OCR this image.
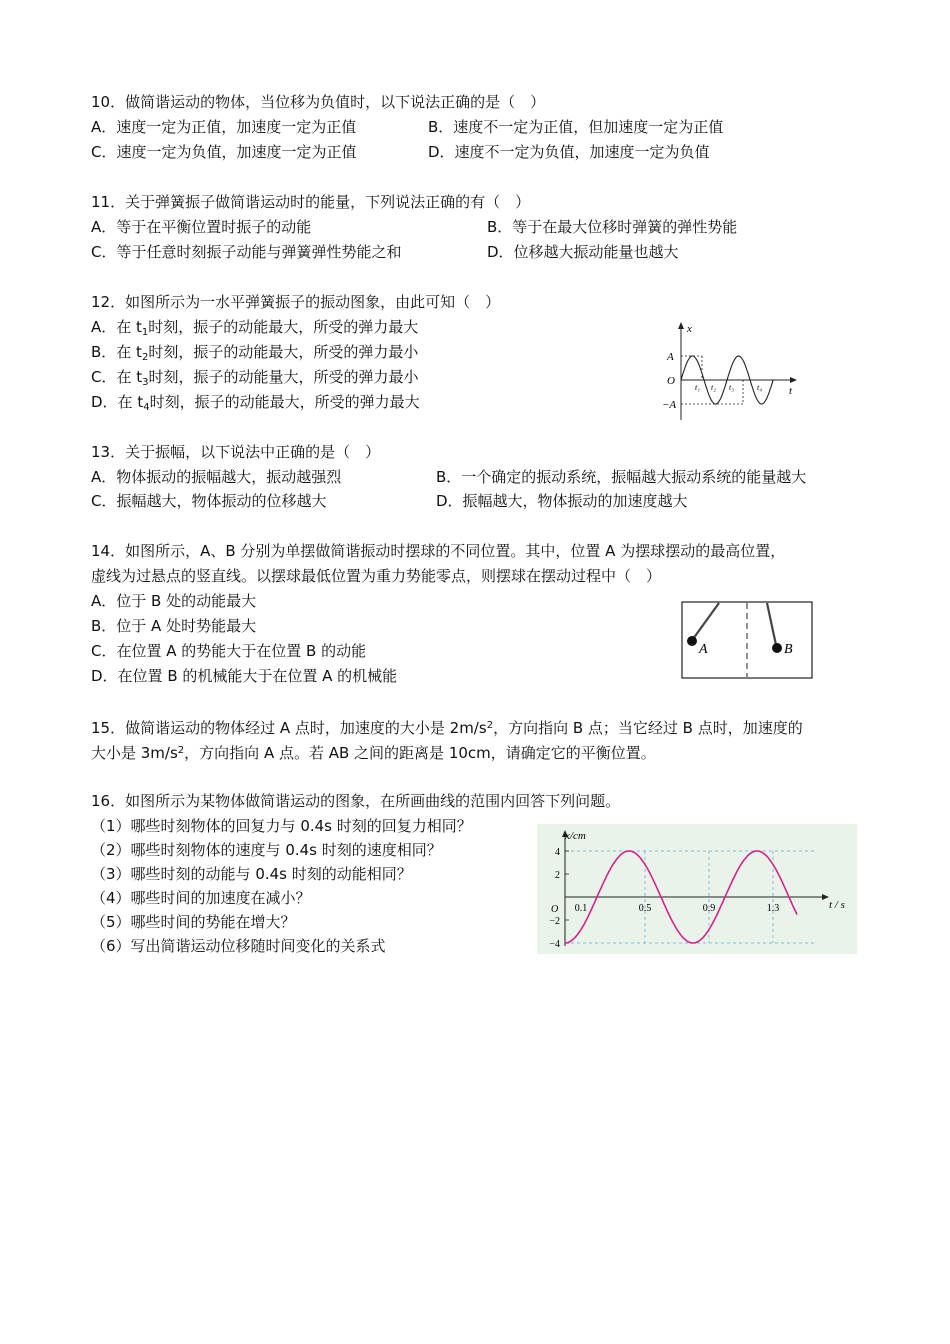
10．做简谐运动的物体，当位移为负值时，以下说法正确的是（　）
A．速度一定为正值，加速度一定为正值	B．速度不一定为正值，但加速度一定为正值
C．速度一定为负值，加速度一定为正值	D．速度不一定为负值，加速度一定为负值
11．关于弹簧振子做简谐运动时的能量，下列说法正确的有（　）
A．等于在平衡位置时振子的动能	B．等于在最大位移时弹簧的弹性势能
C．等于任意时刻振子动能与弹簧弹性势能之和	D．位移越大振动能量也越大
12．如图所示为一水平弹簧振子的振动图象，由此可知（　）
A．在 $t_1$时刻，振子的动能最大，所受的弹力最大
B．在 $t_2$时刻，振子的动能最大，所受的弹力最小
C．在 $t_3$时刻，振子的动能量大，所受的弹力最小
D．在 $t_4$时刻，振子的动能最大，所受的弹力最大
x
t
A
O
−A
t₁ t₂ t₃	t₄
13．关于振幅，以下说法中正确的是（　）
A．物体振动的振幅越大，振动越强烈	B．一个确定的振动系统，振幅越大振动系统的能量越大
C．振幅越大，物体振动的位移越大	D．振幅越大，物体振动的加速度越大
14．如图所示，A、B 分别为单摆做简谐振动时摆球的不同位置。其中，位置 A 为摆球摆动的最高位置，
虚线为过悬点的竖直线。以摆球最低位置为重力势能零点，则摆球在摆动过程中（　）
A．位于 B 处的动能最大
B．位于 A 处时势能最大
C．在位置 A 的势能大于在位置 B 的动能
D．在位置 B 的机械能大于在位置 A 的机械能
A	B
15．做简谐运动的物体经过 A 点时，加速度的大小是 $2m/s^2$，方向指向 B 点；当它经过 B 点时，加速度的
大小是 $3m/s^2$，方向指向 A 点。若 AB 之间的距离是 10cm，请确定它的平衡位置。
16．如图所示为某物体做简谐运动的图象，在所画曲线的范围内回答下列问题。
（1）哪些时刻物体的回复力与 0.4s 时刻的回复力相同？
（2）哪些时刻物体的速度与 0.4s 时刻的速度相同？
（3）哪些时刻的动能与 0.4s 时刻的动能相同？
（4）哪些时间的加速度在减小？
（5）哪些时间的势能在增大？
（6）写出简谐运动位移随时间变化的关系式
x/cm
t / s
O
4
2
−2
−4
0.1	0.5	0.9	1.3
